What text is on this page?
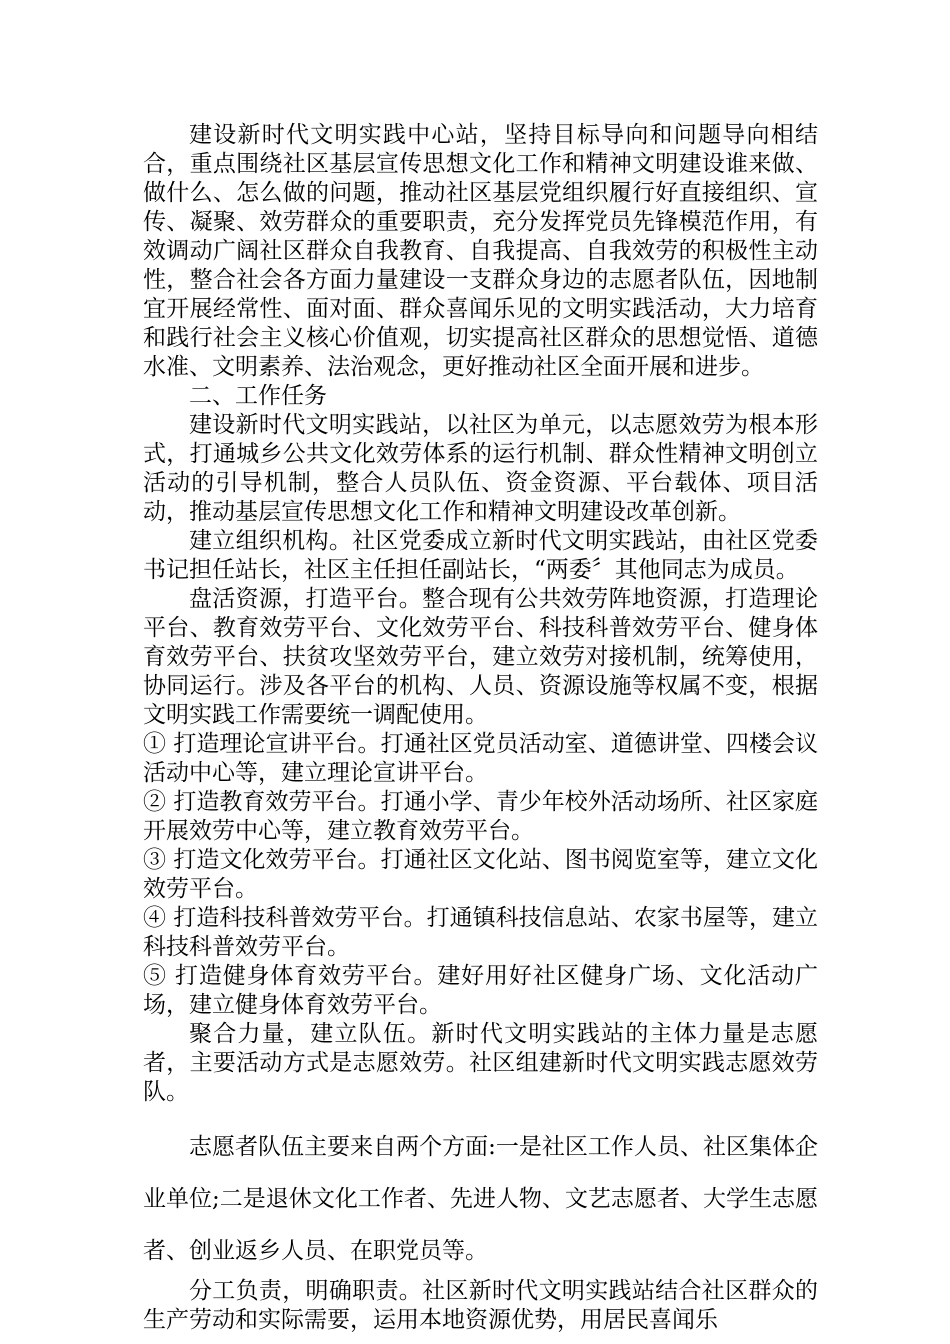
建设新时代文明实践中心站，坚持目标导向和问题导向相结合，重点围绕社区基层宣传思想文化工作和精神文明建设谁来做、做什么、怎么做的问题，推动社区基层党组织履行好直接组织、宣传、凝聚、效劳群众的重要职责，充分发挥党员先锋模范作用，有效调动广阔社区群众自我教育、自我提高、自我效劳的积极性主动性，整合社会各方面力量建设一支群众身边的志愿者队伍，因地制宜开展经常性、面对面、群众喜闻乐见的文明实践活动，大力培育和践行社会主义核心价值观，切实提高社区群众的思想觉悟、道德水准、文明素养、法治观念，更好推动社区全面开展和进步。

二、工作任务

建设新时代文明实践站，以社区为单元，以志愿效劳为根本形式，打通城乡公共文化效劳体系的运行机制、群众性精神文明创立活动的引导机制，整合人员队伍、资金资源、平台载体、项目活动，推动基层宣传思想文化工作和精神文明建设改革创新。

建立组织机构。社区党委成立新时代文明实践站，由社区党委书记担任站长，社区主任担任副站长，“两委〞其他同志为成员。

盘活资源，打造平台。整合现有公共效劳阵地资源，打造理论平台、教育效劳平台、文化效劳平台、科技科普效劳平台、健身体育效劳平台、扶贫攻坚效劳平台，建立效劳对接机制，统筹使用，协同运行。涉及各平台的机构、人员、资源设施等权属不变，根据文明实践工作需要统一调配使用。

① 打造理论宣讲平台。打通社区党员活动室、道德讲堂、四楼会议活动中心等，建立理论宣讲平台。

② 打造教育效劳平台。打通小学、青少年校外活动场所、社区家庭开展效劳中心等，建立教育效劳平台。

③ 打造文化效劳平台。打通社区文化站、图书阅览室等，建立文化效劳平台。

④ 打造科技科普效劳平台。打通镇科技信息站、农家书屋等，建立科技科普效劳平台。

⑤ 打造健身体育效劳平台。建好用好社区健身广场、文化活动广场，建立健身体育效劳平台。

聚合力量，建立队伍。新时代文明实践站的主体力量是志愿者，主要活动方式是志愿效劳。社区组建新时代文明实践志愿效劳队。

志愿者队伍主要来自两个方面:一是社区工作人员、社区集体企业单位;二是退休文化工作者、先进人物、文艺志愿者、大学生志愿者、创业返乡人员、在职党员等。

分工负责，明确职责。社区新时代文明实践站结合社区群众的生产劳动和实际需要，运用本地资源优势，用居民喜闻乐
